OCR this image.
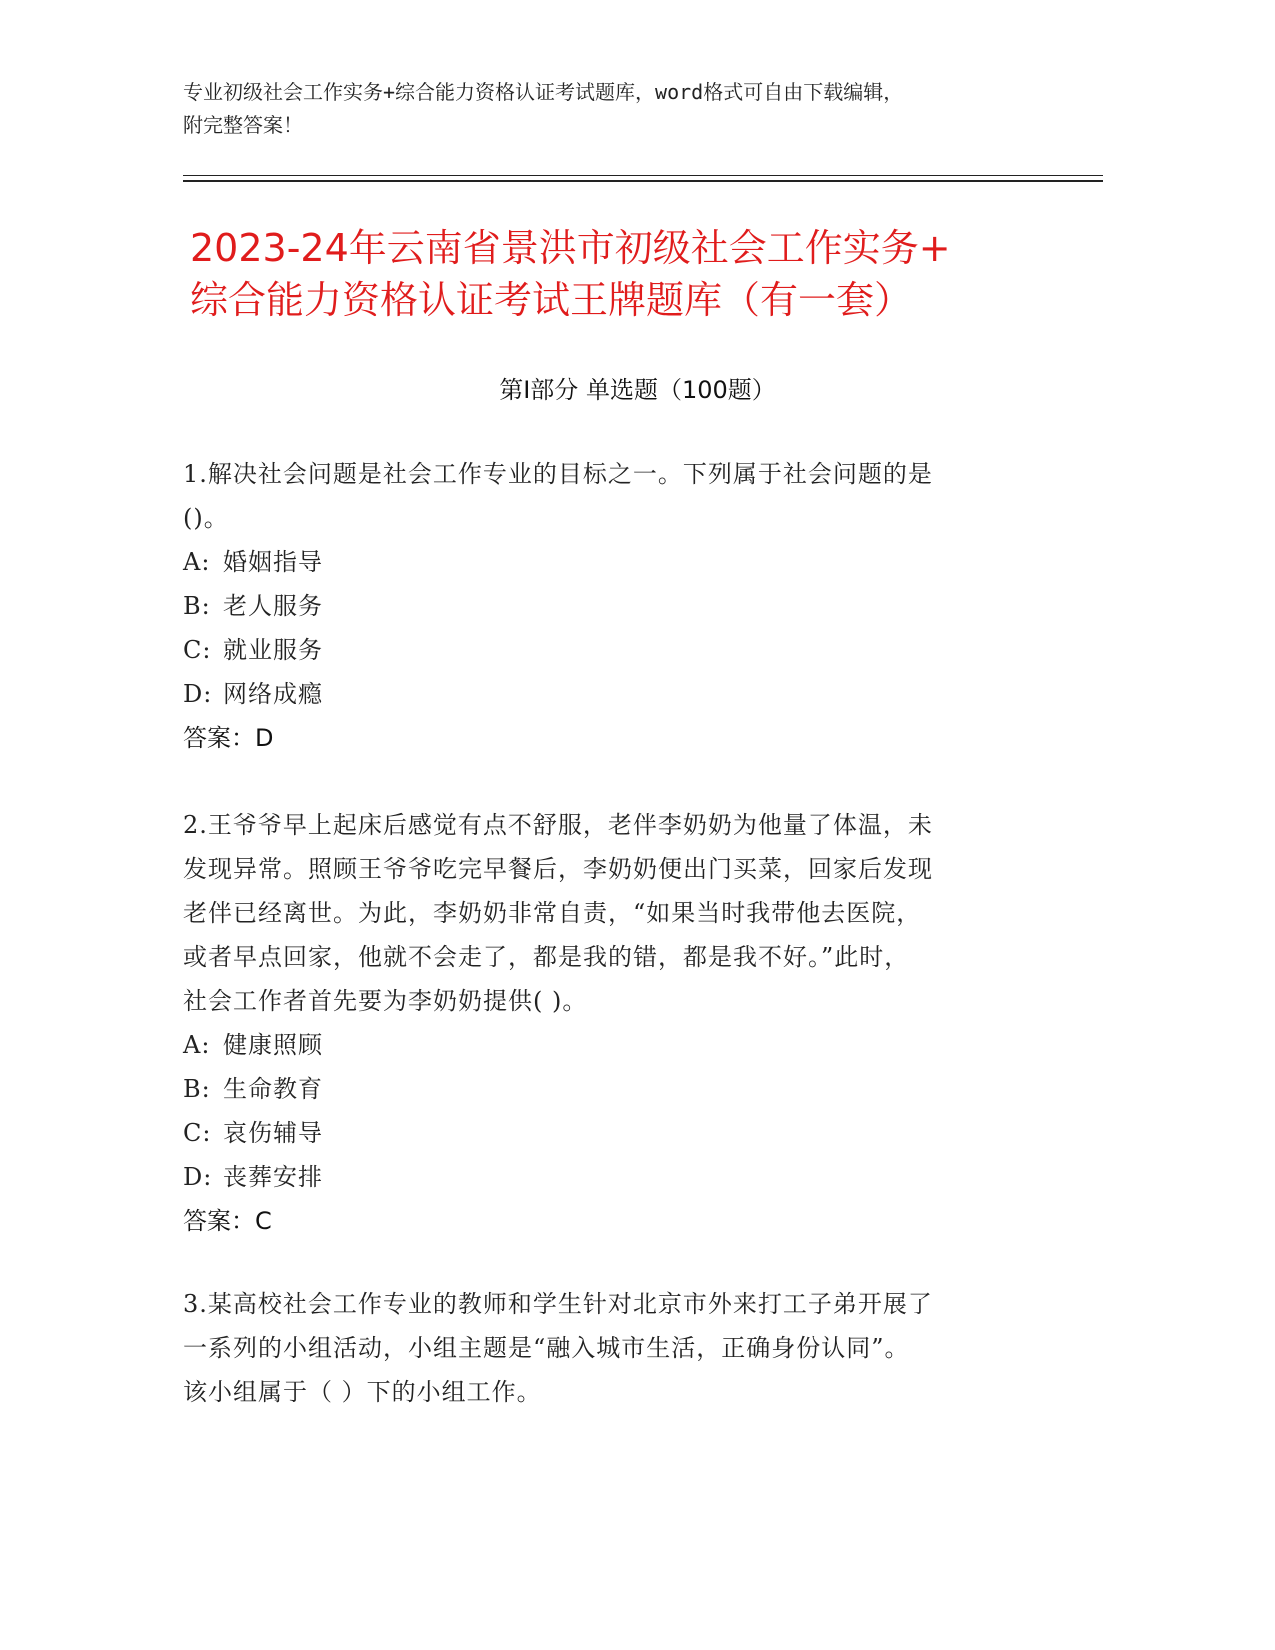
专业初级社会工作实务+综合能力资格认证考试题库，word格式可自由下载编辑，
附完整答案！
2023-24年云南省景洪市初级社会工作实务+
综合能力资格认证考试王牌题库（有一套）
第Ⅰ部分 单选题（100题）
1.解决社会问题是社会工作专业的目标之一。下列属于社会问题的是
()。
A: 婚姻指导
B: 老人服务
C: 就业服务
D: 网络成瘾
答案：D
2.王爷爷早上起床后感觉有点不舒服，老伴李奶奶为他量了体温，未
发现异常。照顾王爷爷吃完早餐后，李奶奶便出门买菜，回家后发现
老伴已经离世。为此，李奶奶非常自责，“如果当时我带他去医院，
或者早点回家，他就不会走了，都是我的错，都是我不好。”此时，
社会工作者首先要为李奶奶提供( )。
A: 健康照顾
B: 生命教育
C: 哀伤辅导
D: 丧葬安排
答案：C
3.某高校社会工作专业的教师和学生针对北京市外来打工子弟开展了
一系列的小组活动，小组主题是“融入城市生活，正确身份认同”。
该小组属于（ ）下的小组工作。
